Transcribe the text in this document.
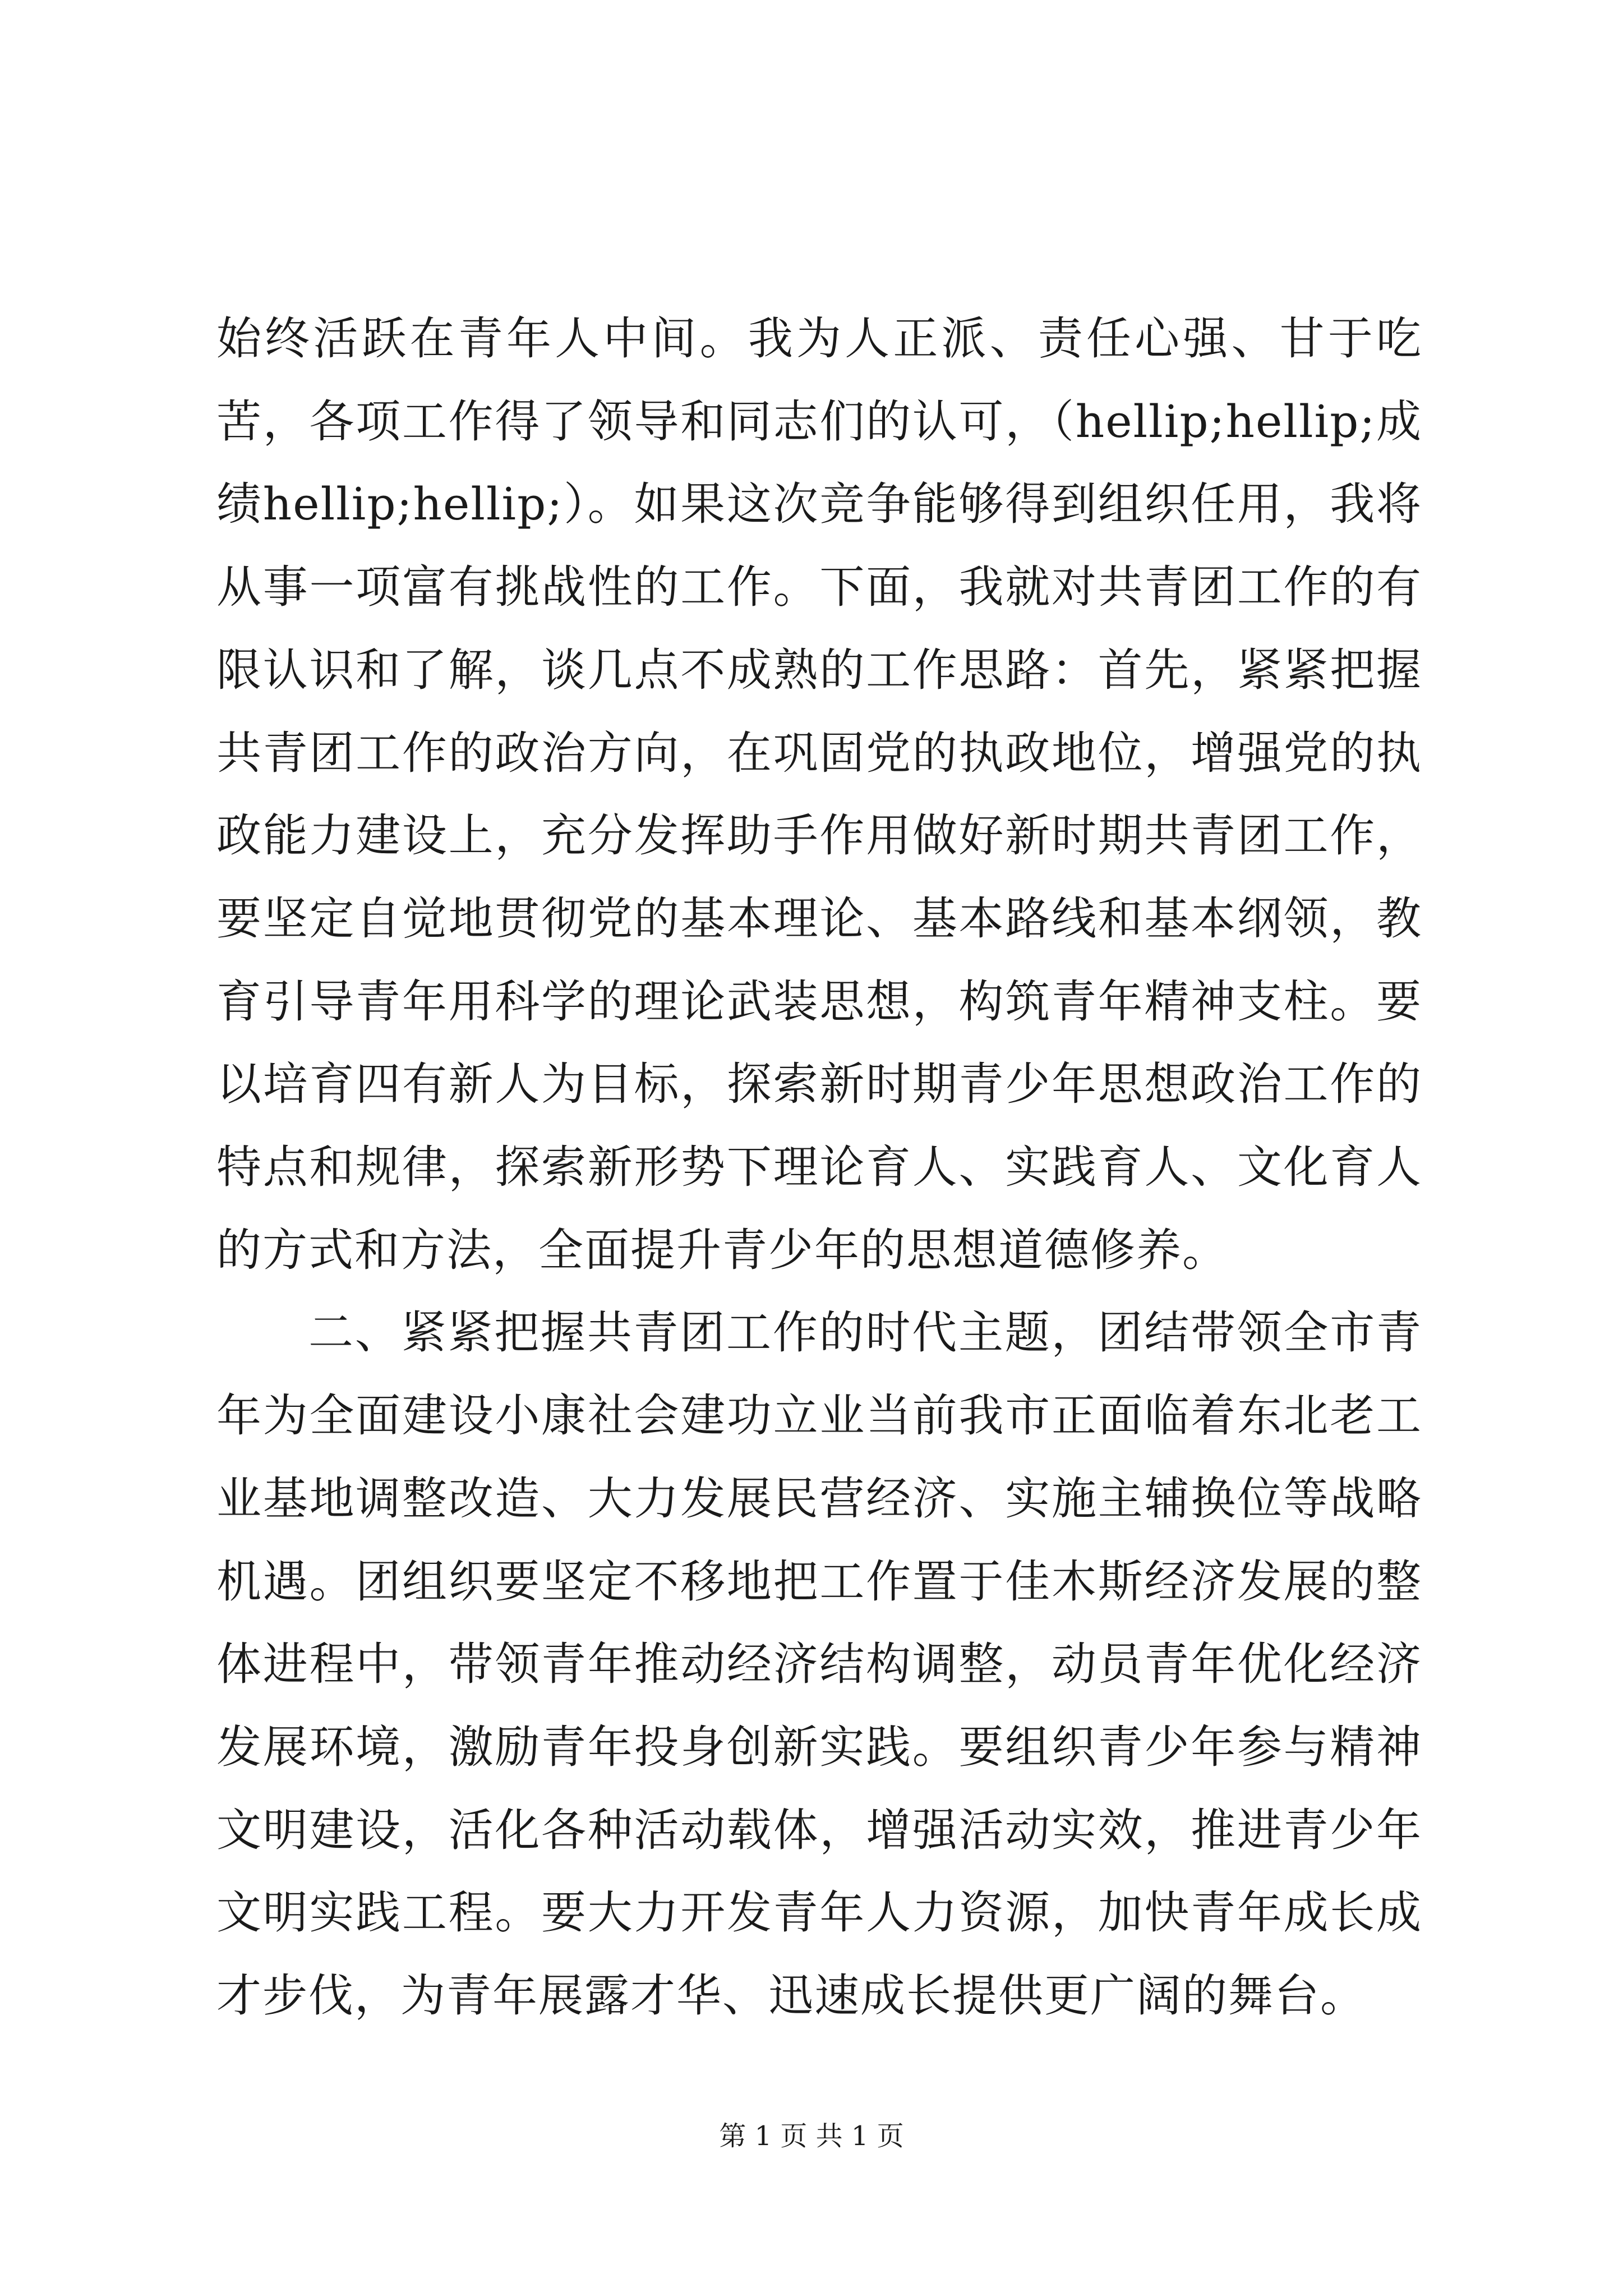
始终活跃在青年人中间。我为人正派、责任心强、甘于吃苦，各项工作得了领导和同志们的认可，（hellip;hellip;成绩hellip;hellip;）。如果这次竞争能够得到组织任用，我将从事一项富有挑战性的工作。下面，我就对共青团工作的有限认识和了解，谈几点不成熟的工作思路：首先，紧紧把握共青团工作的政治方向，在巩固党的执政地位，增强党的执政能力建设上，充分发挥助手作用做好新时期共青团工作，要坚定自觉地贯彻党的基本理论、基本路线和基本纲领，教育引导青年用科学的理论武装思想，构筑青年精神支柱。要以培育四有新人为目标，探索新时期青少年思想政治工作的特点和规律，探索新形势下理论育人、实践育人、文化育人的方式和方法，全面提升青少年的思想道德修养。

二、紧紧把握共青团工作的时代主题，团结带领全市青年为全面建设小康社会建功立业当前我市正面临着东北老工业基地调整改造、大力发展民营经济、实施主辅换位等战略机遇。团组织要坚定不移地把工作置于佳木斯经济发展的整体进程中，带领青年推动经济结构调整，动员青年优化经济发展环境，激励青年投身创新实践。要组织青少年参与精神文明建设，活化各种活动载体，增强活动实效，推进青少年文明实践工程。要大力开发青年人力资源，加快青年成长成才步伐，为青年展露才华、迅速成长提供更广阔的舞台。

第 1 页 共 1 页
